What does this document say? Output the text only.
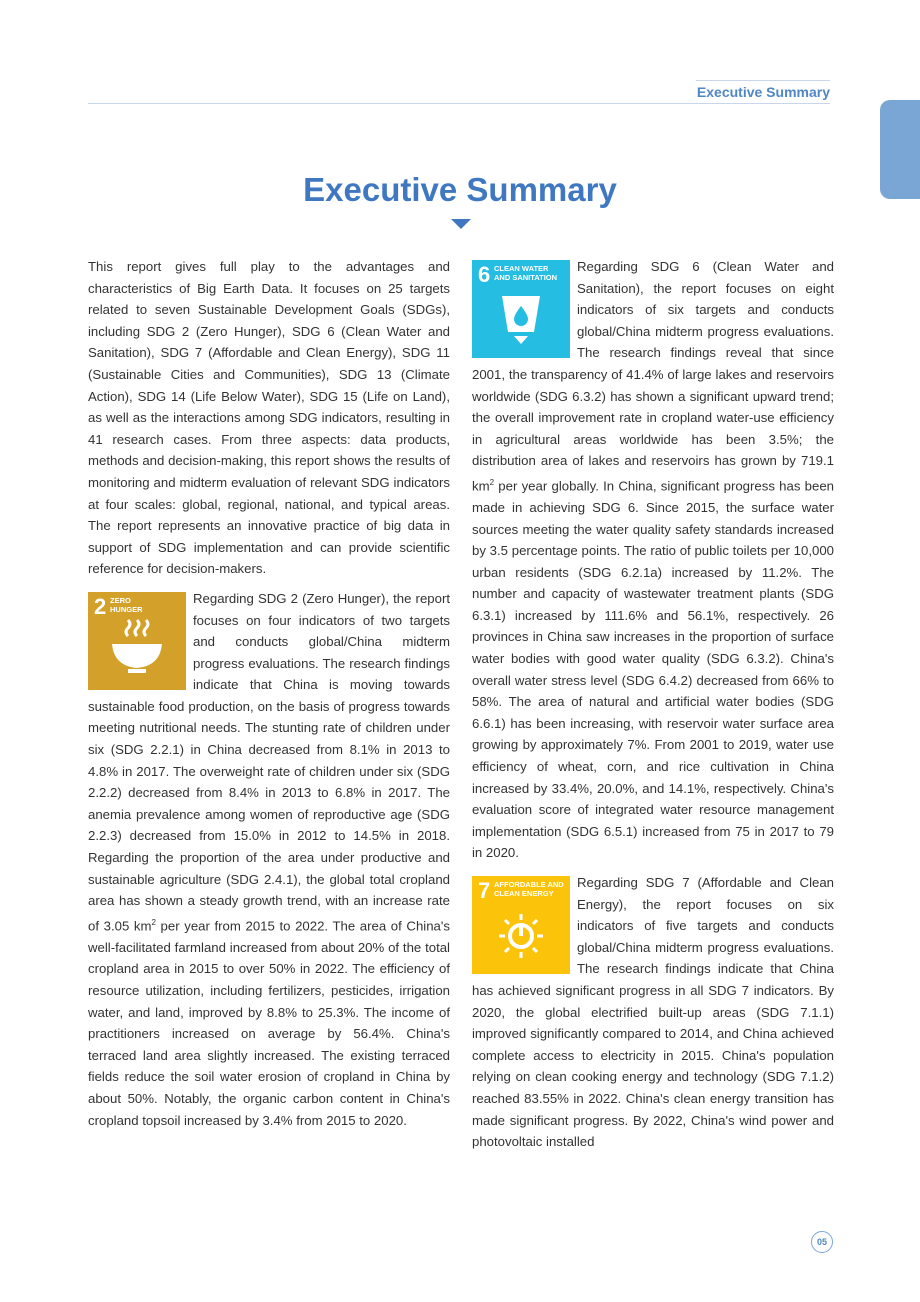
Executive Summary
Executive Summary

This report gives full play to the advantages and characteristics of Big Earth Data. It focuses on 25 targets related to seven Sustainable Development Goals (SDGs), including SDG 2 (Zero Hunger), SDG 6 (Clean Water and Sanitation), SDG 7 (Affordable and Clean Energy), SDG 11 (Sustainable Cities and Communities), SDG 13 (Climate Action), SDG 14 (Life Below Water), SDG 15 (Life on Land), as well as the interactions among SDG indicators, resulting in 41 research cases. From three aspects: data products, methods and decision-making, this report shows the results of monitoring and midterm evaluation of relevant SDG indicators at four scales: global, regional, national, and typical areas. The report represents an innovative practice of big data in support of SDG implementation and can provide scientific reference for decision-makers.

2 ZERO
HUNGER
Regarding SDG 2 (Zero Hunger), the report focuses on four indicators of two targets and conducts global/China midterm progress evaluations. The research findings indicate that China is moving towards sustainable food production, on the basis of progress towards meeting nutritional needs. The stunting rate of children under six (SDG 2.2.1) in China decreased from 8.1% in 2013 to 4.8% in 2017. The overweight rate of children under six (SDG 2.2.2) decreased from 8.4% in 2013 to 6.8% in 2017. The anemia prevalence among women of reproductive age (SDG 2.2.3) decreased from 15.0% in 2012 to 14.5% in 2018. Regarding the proportion of the area under productive and sustainable agriculture (SDG 2.4.1), the global total cropland area has shown a steady growth trend, with an increase rate of 3.05 $km^2$ per year from 2015 to 2022. The area of China's well-facilitated farmland increased from about 20% of the total cropland area in 2015 to over 50% in 2022. The efficiency of resource utilization, including fertilizers, pesticides, irrigation water, and land, improved by 8.8% to 25.3%. The income of practitioners increased on average by 56.4%. China's terraced land area slightly increased. The existing terraced fields reduce the soil water erosion of cropland in China by about 50%. Notably, the organic carbon content in China's cropland topsoil increased by 3.4% from 2015 to 2020.

6 CLEAN WATER
AND SANITATION
Regarding SDG 6 (Clean Water and Sanitation), the report focuses on eight indicators of six targets and conducts global/China midterm progress evaluations. The research findings reveal that since 2001, the transparency of 41.4% of large lakes and reservoirs worldwide (SDG 6.3.2) has shown a significant upward trend; the overall improvement rate in cropland water-use efficiency in agricultural areas worldwide has been 3.5%; the distribution area of lakes and reservoirs has grown by 719.1 $km^2$ per year globally. In China, significant progress has been made in achieving SDG 6. Since 2015, the surface water sources meeting the water quality safety standards increased by 3.5 percentage points. The ratio of public toilets per 10,000 urban residents (SDG 6.2.1a) increased by 11.2%. The number and capacity of wastewater treatment plants (SDG 6.3.1) increased by 111.6% and 56.1%, respectively. 26 provinces in China saw increases in the proportion of surface water bodies with good water quality (SDG 6.3.2). China's overall water stress level (SDG 6.4.2) decreased from 66% to 58%. The area of natural and artificial water bodies (SDG 6.6.1) has been increasing, with reservoir water surface area growing by approximately 7%. From 2001 to 2019, water use efficiency of wheat, corn, and rice cultivation in China increased by 33.4%, 20.0%, and 14.1%, respectively. China's evaluation score of integrated water resource management implementation (SDG 6.5.1) increased from 75 in 2017 to 79 in 2020.

7 AFFORDABLE AND
CLEAN ENERGY
Regarding SDG 7 (Affordable and Clean Energy), the report focuses on six indicators of five targets and conducts global/China midterm progress evaluations. The research findings indicate that China has achieved significant progress in all SDG 7 indicators. By 2020, the global electrified built-up areas (SDG 7.1.1) improved significantly compared to 2014, and China achieved complete access to electricity in 2015. China's population relying on clean cooking energy and technology (SDG 7.1.2) reached 83.55% in 2022. China's clean energy transition has made significant progress. By 2022, China's wind power and photovoltaic installed

05
